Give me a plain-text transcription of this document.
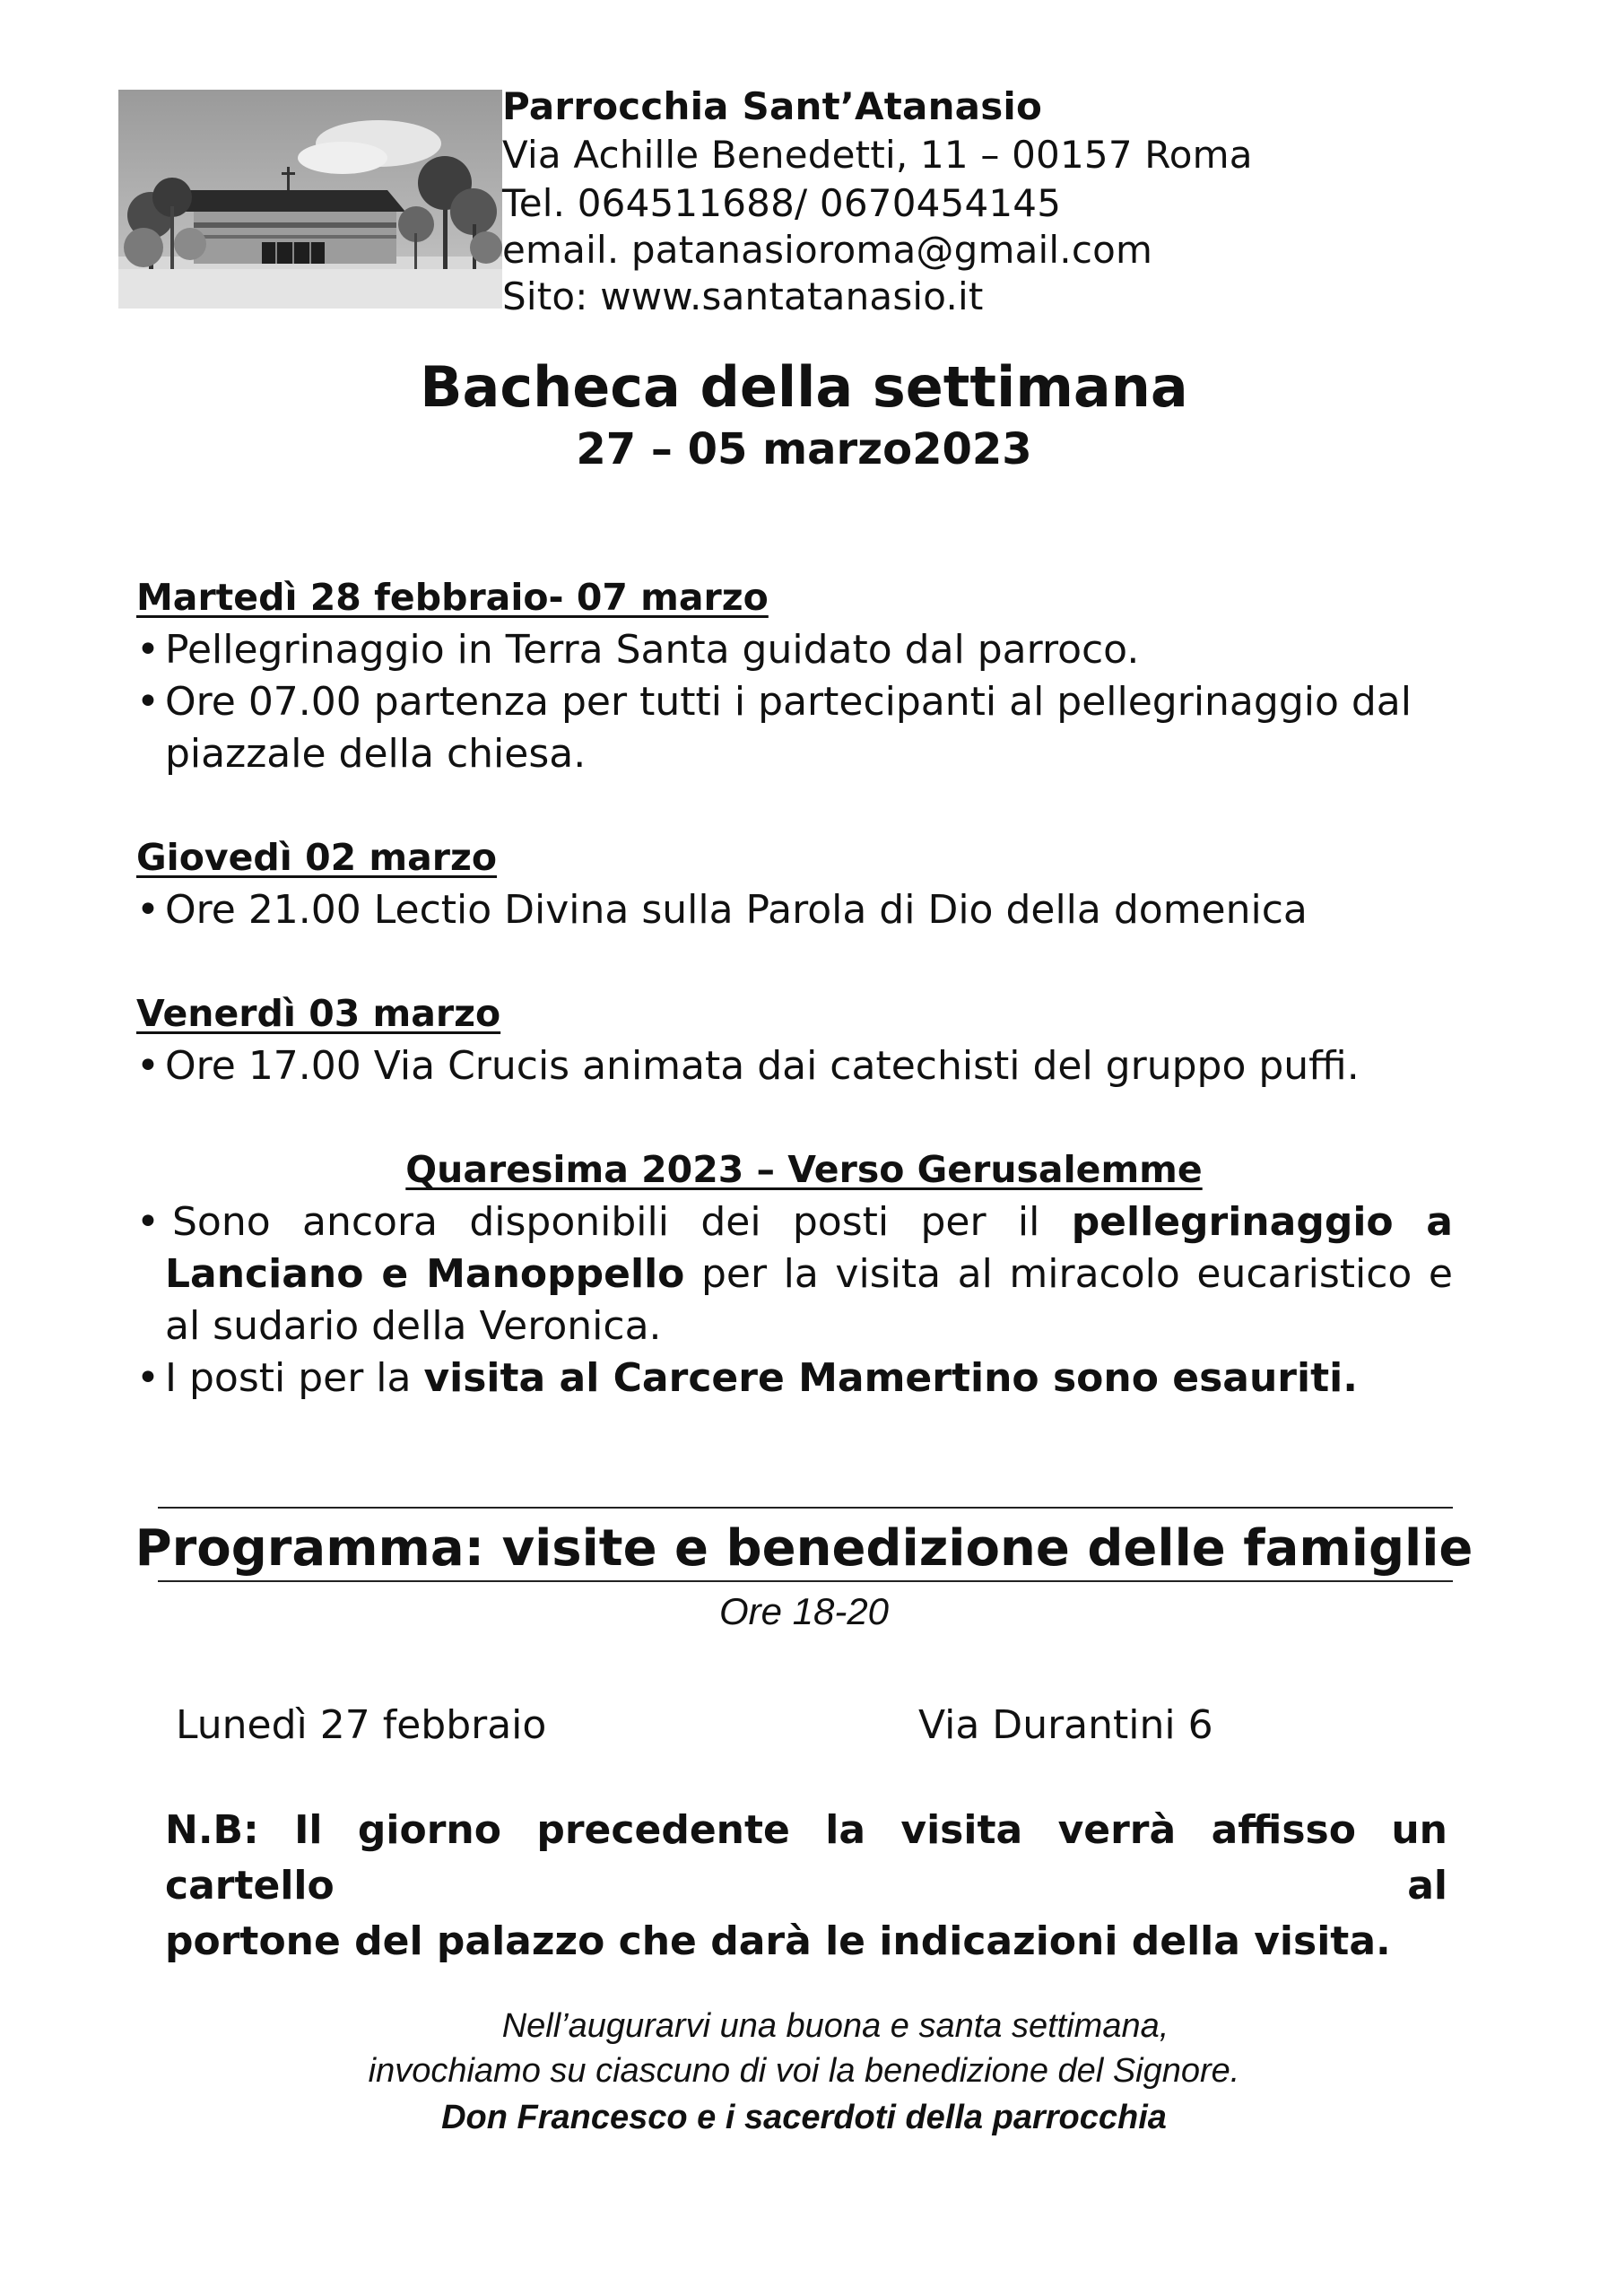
Parrocchia Sant’Atanasio
Via Achille Benedetti, 11 – 00157 Roma
Tel. 064511688/ 0670454145
email. patanasioroma@gmail.com
Sito: www.santatanasio.it
Bacheca della settimana
27 – 05 marzo2023
Martedì 28 febbraio- 07 marzo
• Pellegrinaggio in Terra Santa guidato dal parroco.
• Ore 07.00 partenza per tutti i partecipanti al pellegrinaggio dal
piazzale della chiesa.
Giovedì 02 marzo
• Ore 21.00 Lectio Divina sulla Parola di Dio della domenica
Venerdì 03 marzo
• Ore 17.00 Via Crucis animata dai catechisti del gruppo puffi.
Quaresima 2023 – Verso Gerusalemme
• Sono ancora disponibili dei posti per il pellegrinaggio a
Lanciano e Manoppello per la visita al miracolo eucaristico e
al sudario della Veronica.
• I posti per la visita al Carcere Mamertino sono esauriti.
Programma: visite e benedizione delle famiglie
Ore 18-20
Lunedì 27 febbraio	Via Durantini 6
N.B: Il giorno precedente la visita verrà affisso un cartello al
portone del palazzo che darà le indicazioni della visita.
Nell’augurarvi una buona e santa settimana,
invochiamo su ciascuno di voi la benedizione del Signore.
Don Francesco e i sacerdoti della parrocchia
